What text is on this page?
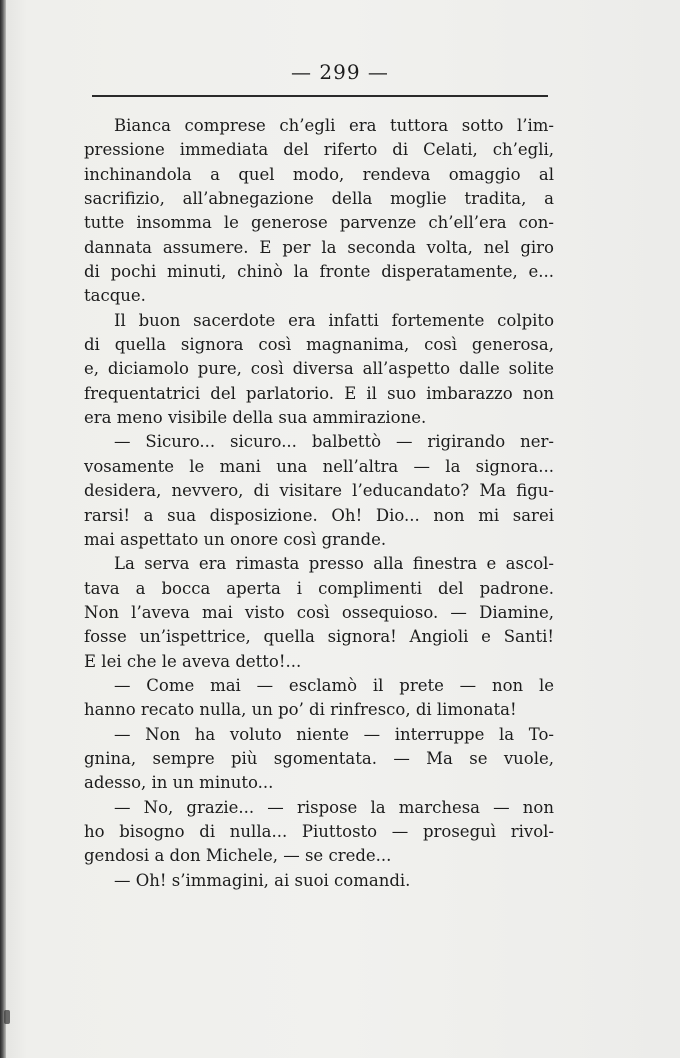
— 299 —
Bianca comprese ch’egli era tuttora sotto l’im-
pressione immediata del riferto di Celati, ch’egli,
inchinandola a quel modo, rendeva omaggio al
sacrifizio, all’abnegazione della moglie tradita, a
tutte insomma le generose parvenze ch’ell’era con-
dannata assumere. E per la seconda volta, nel giro
di pochi minuti, chinò la fronte disperatamente, e...
tacque.
Il buon sacerdote era infatti fortemente colpito
di quella signora così magnanima, così generosa,
e, diciamolo pure, così diversa all’aspetto dalle solite
frequentatrici del parlatorio. E il suo imbarazzo non
era meno visibile della sua ammirazione.
— Sicuro... sicuro... balbettò — rigirando ner-
vosamente le mani una nell’altra — la signora...
desidera, nevvero, di visitare l’educandato? Ma figu-
rarsi! a sua disposizione. Oh! Dio... non mi sarei
mai aspettato un onore così grande.
La serva era rimasta presso alla finestra e ascol-
tava a bocca aperta i complimenti del padrone.
Non l’aveva mai visto così ossequioso. — Diamine,
fosse un’ispettrice, quella signora! Angioli e Santi!
E lei che le aveva detto!...
— Come mai — esclamò il prete — non le
hanno recato nulla, un po’ di rinfresco, di limonata!
— Non ha voluto niente — interruppe la To-
gnina, sempre più sgomentata. — Ma se vuole,
adesso, in un minuto...
— No, grazie... — rispose la marchesa — non
ho bisogno di nulla... Piuttosto — proseguì rivol-
gendosi a don Michele, — se crede...
— Oh! s’immagini, ai suoi comandi.
